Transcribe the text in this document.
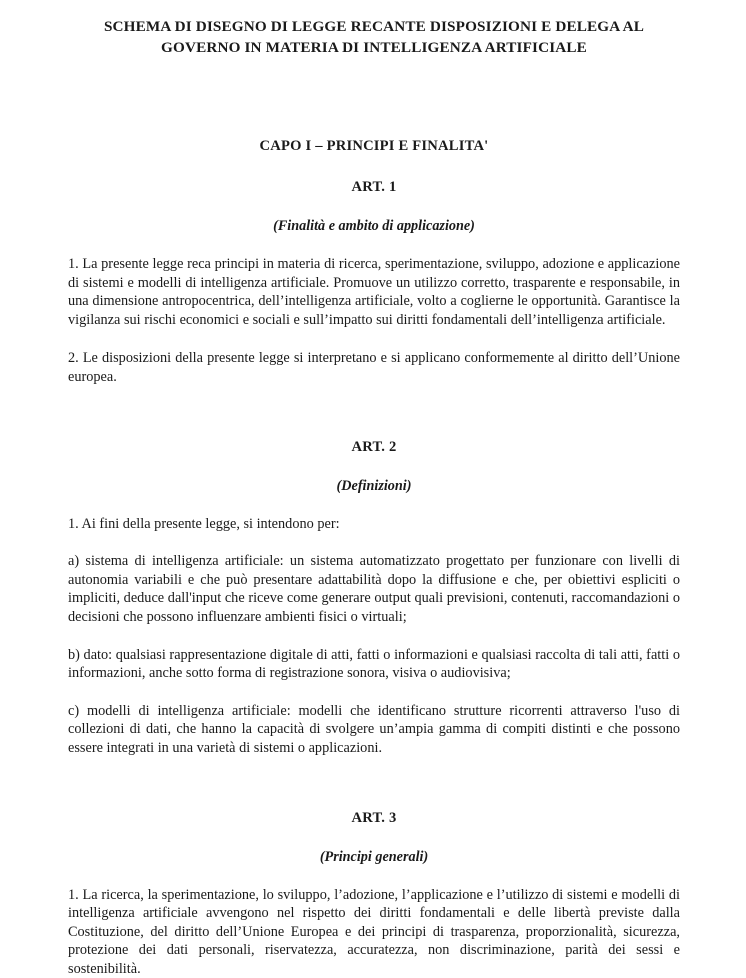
SCHEMA DI DISEGNO DI LEGGE RECANTE DISPOSIZIONI E DELEGA AL GOVERNO IN MATERIA DI INTELLIGENZA ARTIFICIALE
CAPO I – PRINCIPI E FINALITA'
ART. 1

(Finalità e ambito di applicazione)

1. La presente legge reca principi in materia di ricerca, sperimentazione, sviluppo, adozione e applicazione di sistemi e modelli di intelligenza artificiale. Promuove un utilizzo corretto, trasparente e responsabile, in una dimensione antropocentrica, dell’intelligenza artificiale, volto a coglierne le opportunità. Garantisce la vigilanza sui rischi economici e sociali e sull’impatto sui diritti fondamentali dell’intelligenza artificiale.

2. Le disposizioni della presente legge si interpretano e si applicano conformemente al diritto dell’Unione europea.

ART. 2

(Definizioni)

1. Ai fini della presente legge, si intendono per:

a) sistema di intelligenza artificiale: un sistema automatizzato progettato per funzionare con livelli di autonomia variabili e che può presentare adattabilità dopo la diffusione e che, per obiettivi espliciti o impliciti, deduce dall'input che riceve come generare output quali previsioni, contenuti, raccomandazioni o decisioni che possono influenzare ambienti fisici o virtuali;

b) dato: qualsiasi rappresentazione digitale di atti, fatti o informazioni e qualsiasi raccolta di tali atti, fatti o informazioni, anche sotto forma di registrazione sonora, visiva o audiovisiva;

c) modelli di intelligenza artificiale: modelli che identificano strutture ricorrenti attraverso l'uso di collezioni di dati, che hanno la capacità di svolgere un’ampia gamma di compiti distinti e che possono essere integrati in una varietà di sistemi o applicazioni.

ART. 3

(Principi generali)

1. La ricerca, la sperimentazione, lo sviluppo, l’adozione, l’applicazione e l’utilizzo di sistemi e modelli di intelligenza artificiale avvengono nel rispetto dei diritti fondamentali e delle libertà previste dalla Costituzione, del diritto dell’Unione Europea e dei principi di trasparenza, proporzionalità, sicurezza, protezione dei dati personali, riservatezza, accuratezza, non discriminazione, parità dei sessi e sostenibilità.
